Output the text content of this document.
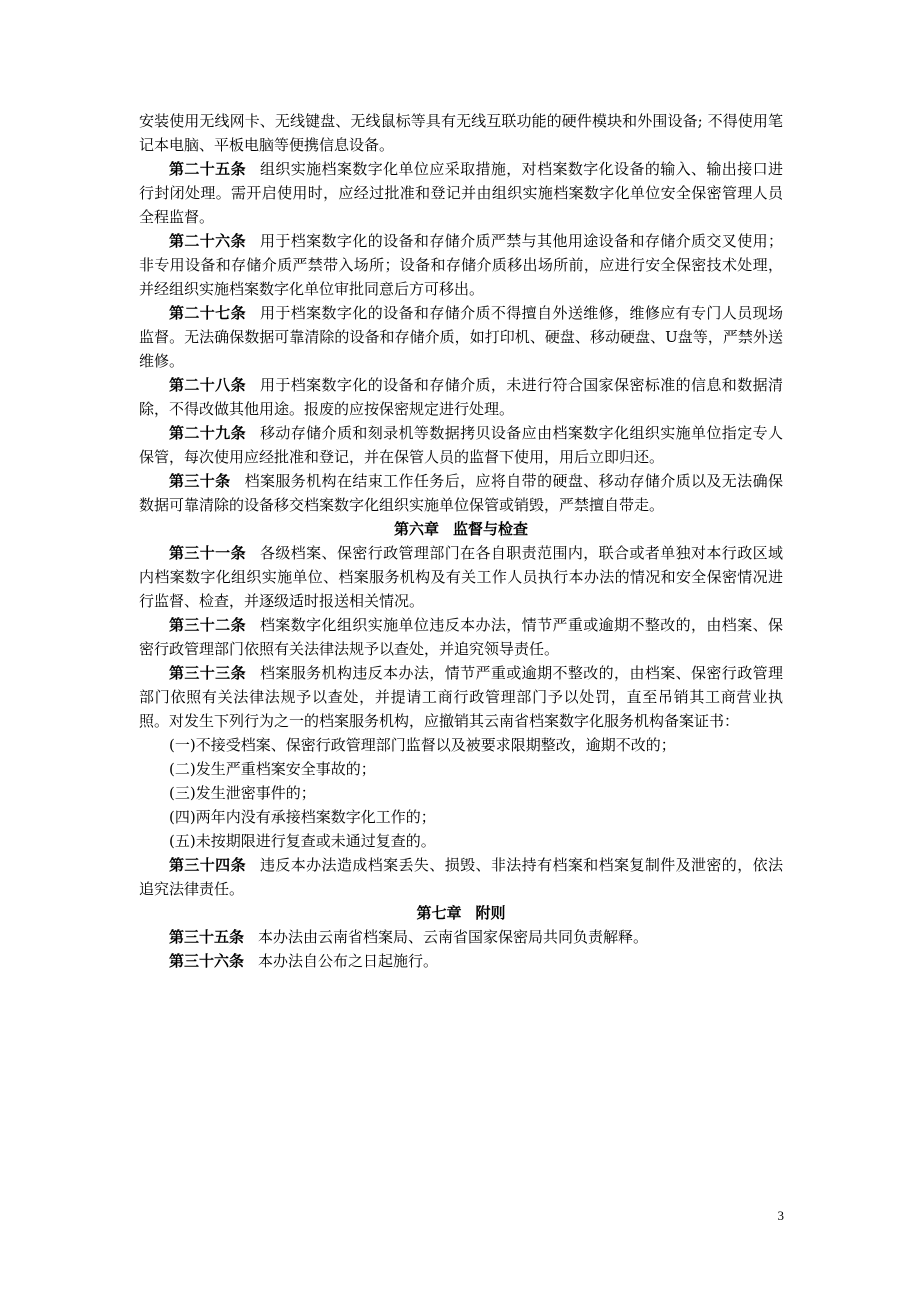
安装使用无线网卡、无线键盘、无线鼠标等具有无线互联功能的硬件模块和外围设备; 不得使用笔记本电脑、平板电脑等便携信息设备。

第二十五条 组织实施档案数字化单位应采取措施，对档案数字化设备的输入、输出接口进行封闭处理。需开启使用时，应经过批准和登记并由组织实施档案数字化单位安全保密管理人员全程监督。

第二十六条 用于档案数字化的设备和存储介质严禁与其他用途设备和存储介质交叉使用；非专用设备和存储介质严禁带入场所；设备和存储介质移出场所前，应进行安全保密技术处理，并经组织实施档案数字化单位审批同意后方可移出。

第二十七条 用于档案数字化的设备和存储介质不得擅自外送维修，维修应有专门人员现场监督。无法确保数据可靠清除的设备和存储介质，如打印机、硬盘、移动硬盘、U盘等，严禁外送维修。

第二十八条 用于档案数字化的设备和存储介质，未进行符合国家保密标准的信息和数据清除，不得改做其他用途。报废的应按保密规定进行处理。

第二十九条 移动存储介质和刻录机等数据拷贝设备应由档案数字化组织实施单位指定专人保管，每次使用应经批准和登记，并在保管人员的监督下使用，用后立即归还。

第三十条 档案服务机构在结束工作任务后，应将自带的硬盘、移动存储介质以及无法确保数据可靠清除的设备移交档案数字化组织实施单位保管或销毁，严禁擅自带走。

第六章 监督与检查

第三十一条 各级档案、保密行政管理部门在各自职责范围内，联合或者单独对本行政区域内档案数字化组织实施单位、档案服务机构及有关工作人员执行本办法的情况和安全保密情况进行监督、检查，并逐级适时报送相关情况。

第三十二条 档案数字化组织实施单位违反本办法，情节严重或逾期不整改的，由档案、保密行政管理部门依照有关法律法规予以查处，并追究领导责任。

第三十三条 档案服务机构违反本办法，情节严重或逾期不整改的，由档案、保密行政管理部门依照有关法律法规予以查处，并提请工商行政管理部门予以处罚，直至吊销其工商营业执照。对发生下列行为之一的档案服务机构，应撤销其云南省档案数字化服务机构备案证书：

(一)不接受档案、保密行政管理部门监督以及被要求限期整改，逾期不改的；

(二)发生严重档案安全事故的；

(三)发生泄密事件的；

(四)两年内没有承接档案数字化工作的；

(五)未按期限进行复查或未通过复查的。

第三十四条 违反本办法造成档案丢失、损毁、非法持有档案和档案复制件及泄密的，依法追究法律责任。

第七章 附则

第三十五条 本办法由云南省档案局、云南省国家保密局共同负责解释。

第三十六条 本办法自公布之日起施行。

3
